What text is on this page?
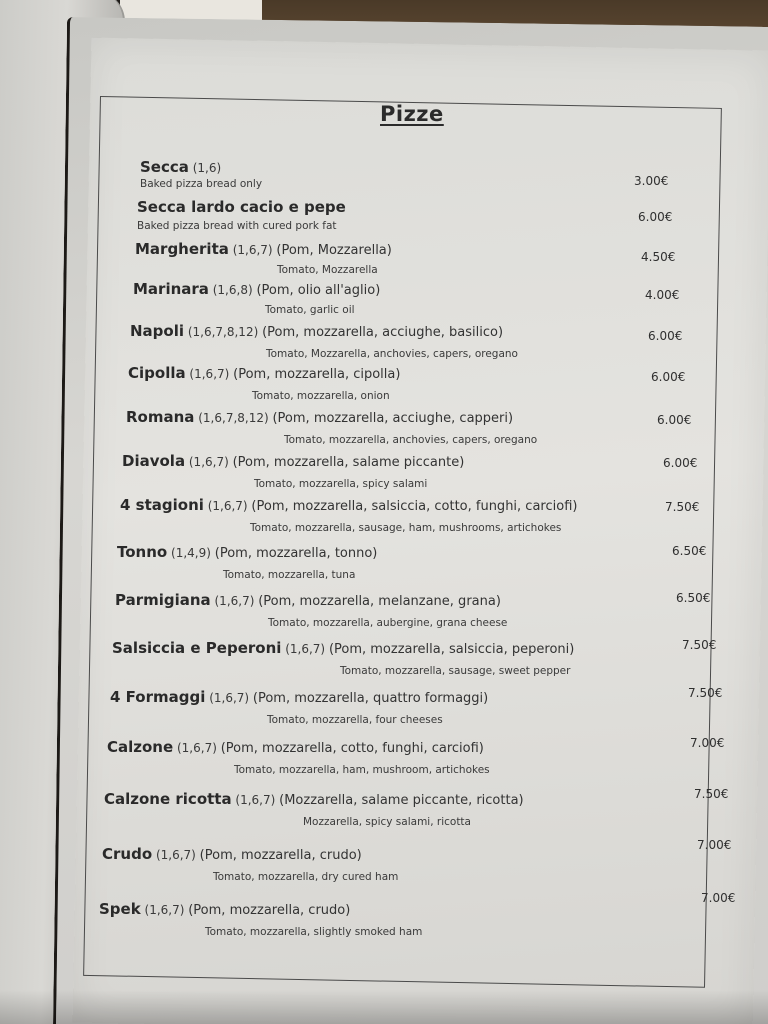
Pizze
Secca (1,6)
Baked pizza bread only	3.00€
Secca lardo cacio e pepe
Baked pizza bread with cured pork fat
6.00€
Margherita (1,6,7) (Pom, Mozzarella)
Tomato, Mozzarella
4.50€
Marinara (1,6,8) (Pom, olio all'aglio)
Tomato, garlic oil
4.00€
Napoli (1,6,7,8,12) (Pom, mozzarella, acciughe, basilico)
Tomato, Mozzarella, anchovies, capers, oregano
6.00€
Cipolla (1,6,7) (Pom, mozzarella, cipolla)
Tomato, mozzarella, onion
6.00€
Romana (1,6,7,8,12) (Pom, mozzarella, acciughe, capperi)
Tomato, mozzarella, anchovies, capers, oregano
6.00€
Diavola (1,6,7) (Pom, mozzarella, salame piccante)
Tomato, mozzarella, spicy salami
6.00€
4 stagioni (1,6,7) (Pom, mozzarella, salsiccia, cotto, funghi, carciofi)
Tomato, mozzarella, sausage, ham, mushrooms, artichokes
7.50€
Tonno (1,4,9) (Pom, mozzarella, tonno)
Tomato, mozzarella, tuna
6.50€
Parmigiana (1,6,7) (Pom, mozzarella, melanzane, grana)
Tomato, mozzarella, aubergine, grana cheese
6.50€
Salsiccia e Peperoni (1,6,7) (Pom, mozzarella, salsiccia, peperoni)
Tomato, mozzarella, sausage, sweet pepper
7.50€
4 Formaggi (1,6,7) (Pom, mozzarella, quattro formaggi)
Tomato, mozzarella, four cheeses
7.50€
Calzone (1,6,7) (Pom, mozzarella, cotto, funghi, carciofi)
Tomato, mozzarella, ham, mushroom, artichokes
7.00€
Calzone ricotta (1,6,7) (Mozzarella, salame piccante, ricotta)
Mozzarella, spicy salami, ricotta
7.50€
Crudo (1,6,7) (Pom, mozzarella, crudo)
Tomato, mozzarella, dry cured ham
7.00€
Spek (1,6,7) (Pom, mozzarella, crudo)
Tomato, mozzarella, slightly smoked ham
7.00€
